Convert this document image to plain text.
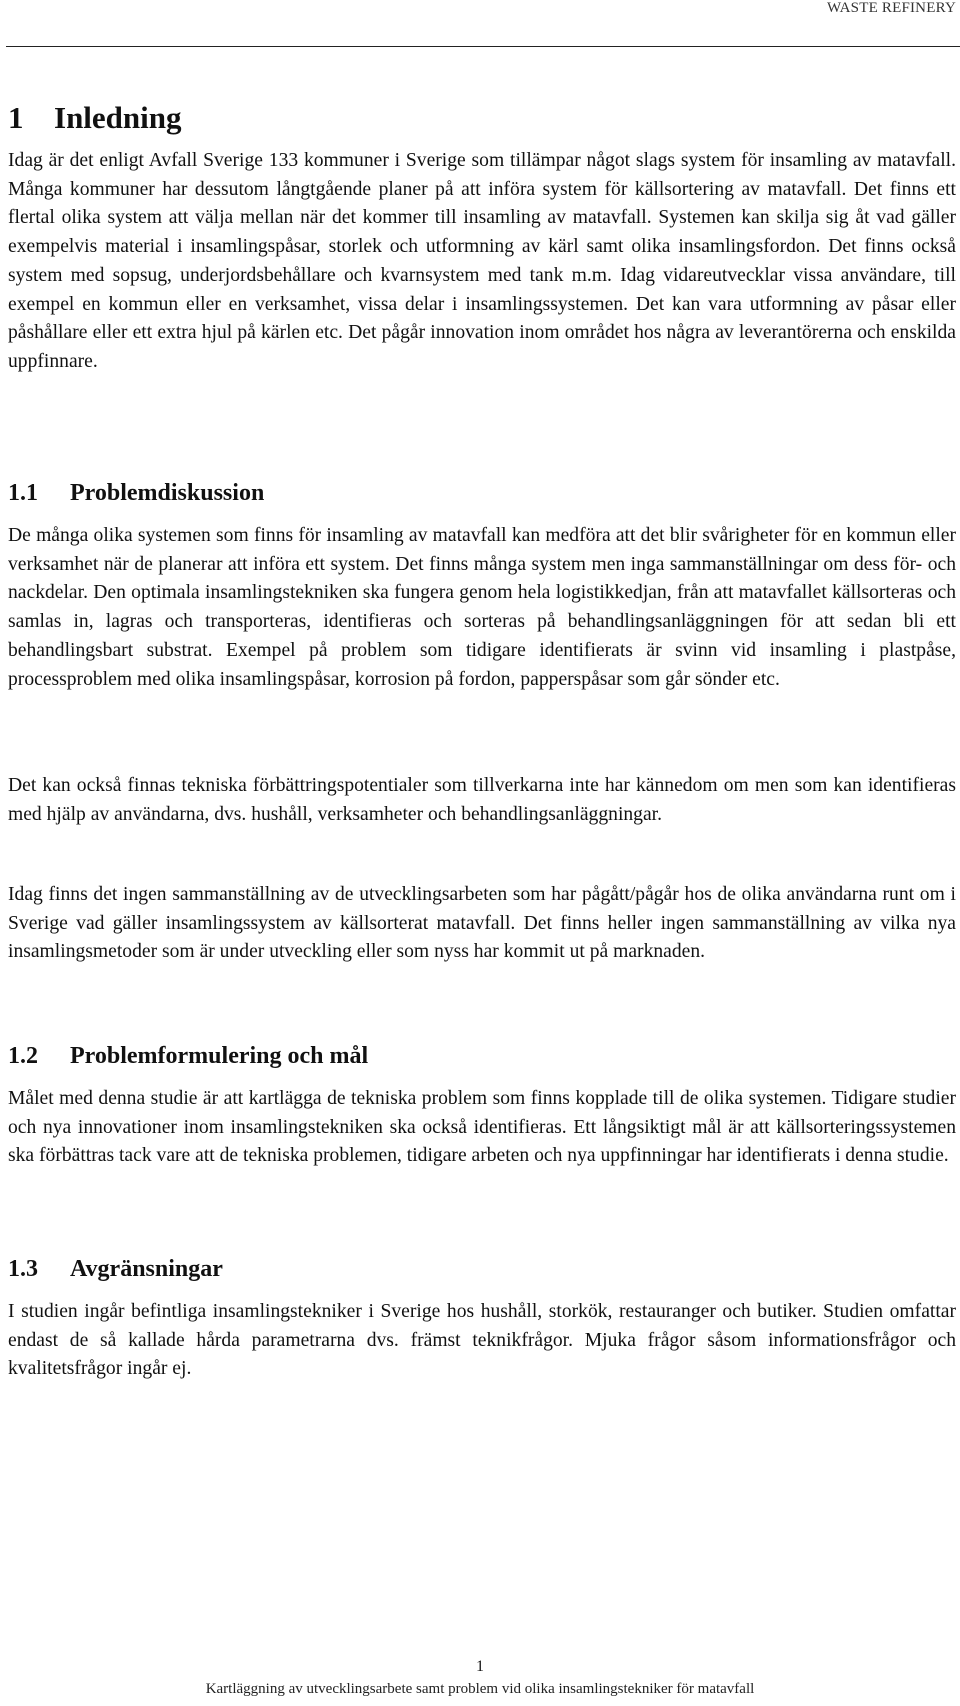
WASTE REFINERY
1 Inledning

Idag är det enligt Avfall Sverige 133 kommuner i Sverige som tillämpar något slags system för insamling av matavfall. Många kommuner har dessutom långtgående planer på att införa system för källsortering av matavfall. Det finns ett flertal olika system att välja mellan när det kommer till insamling av matavfall. Systemen kan skilja sig åt vad gäller exempelvis material i insamlingspåsar, storlek och utformning av kärl samt olika insamlingsfordon. Det finns också system med sopsug, underjordsbehållare och kvarnsystem med tank m.m. Idag vidareutvecklar vissa användare, till exempel en kommun eller en verksamhet, vissa delar i insamlingssystemen. Det kan vara utformning av påsar eller påshållare eller ett extra hjul på kärlen etc. Det pågår innovation inom området hos några av leverantörerna och enskilda uppfinnare.

1.1 Problemdiskussion

De många olika systemen som finns för insamling av matavfall kan medföra att det blir svårigheter för en kommun eller verksamhet när de planerar att införa ett system. Det finns många system men inga sammanställningar om dess för- och nackdelar. Den optimala insamlingstekniken ska fungera genom hela logistikkedjan, från att matavfallet källsorteras och samlas in, lagras och transporteras, identifieras och sorteras på behandlingsanläggningen för att sedan bli ett behandlingsbart substrat. Exempel på problem som tidigare identifierats är svinn vid insamling i plastpåse, processproblem med olika insamlingspåsar, korrosion på fordon, papperspåsar som går sönder etc.

Det kan också finnas tekniska förbättringspotentialer som tillverkarna inte har kännedom om men som kan identifieras med hjälp av användarna, dvs. hushåll, verksamheter och behandlingsanläggningar.

Idag finns det ingen sammanställning av de utvecklingsarbeten som har pågått/pågår hos de olika användarna runt om i Sverige vad gäller insamlingssystem av källsorterat matavfall. Det finns heller ingen sammanställning av vilka nya insamlingsmetoder som är under utveckling eller som nyss har kommit ut på marknaden.

1.2 Problemformulering och mål

Målet med denna studie är att kartlägga de tekniska problem som finns kopplade till de olika systemen. Tidigare studier och nya innovationer inom insamlingstekniken ska också identifieras. Ett långsiktigt mål är att källsorteringssystemen ska förbättras tack vare att de tekniska problemen, tidigare arbeten och nya uppfinningar har identifierats i denna studie.

1.3 Avgränsningar

I studien ingår befintliga insamlingstekniker i Sverige hos hushåll, storkök, restauranger och butiker. Studien omfattar endast de så kallade hårda parametrarna dvs. främst teknikfrågor. Mjuka frågor såsom informationsfrågor och kvalitetsfrågor ingår ej.

1
Kartläggning av utvecklingsarbete samt problem vid olika insamlingstekniker för matavfall
